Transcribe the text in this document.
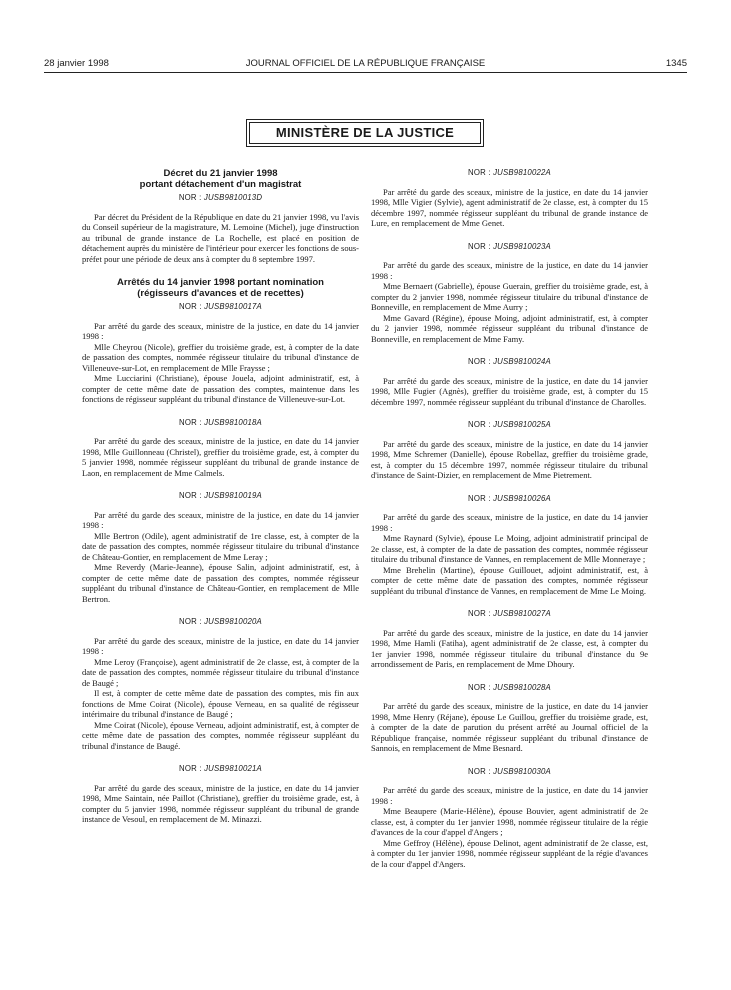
28 janvier 1998	JOURNAL OFFICIEL DE LA RÉPUBLIQUE FRANÇAISE	1345
MINISTÈRE DE LA JUSTICE
Décret du 21 janvier 1998
portant détachement d'un magistrat
NOR : JUSB9810013D

Par décret du Président de la République en date du 21 janvier 1998, vu l'avis du Conseil supérieur de la magistrature, M. Lemoine (Michel), juge d'instruction au tribunal de grande instance de La Rochelle, est placé en position de détachement auprès du ministère de l'intérieur pour exercer les fonctions de sous-préfet pour une période de deux ans à compter du 8 septembre 1997.

Arrêtés du 14 janvier 1998 portant nomination
(régisseurs d'avances et de recettes)
NOR : JUSB9810017A

Par arrêté du garde des sceaux, ministre de la justice, en date du 14 janvier 1998 :

Mlle Cheyrou (Nicole), greffier du troisième grade, est, à compter de la date de passation des comptes, nommée régisseur titulaire du tribunal d'instance de Villeneuve-sur-Lot, en remplacement de Mlle Fraysse ;

Mme Lucciarini (Christiane), épouse Jouela, adjoint administratif, est, à compter de cette même date de passation des comptes, maintenue dans les fonctions de régisseur suppléant du tribunal d'instance de Villeneuve-sur-Lot.

NOR : JUSB9810018A

Par arrêté du garde des sceaux, ministre de la justice, en date du 14 janvier 1998, Mlle Guillonneau (Christel), greffier du troisième grade, est, à compter du 5 janvier 1998, nommée régisseur suppléant du tribunal de grande instance de Laon, en remplacement de Mme Calmels.

NOR : JUSB9810019A

Par arrêté du garde des sceaux, ministre de la justice, en date du 14 janvier 1998 :

Mlle Bertron (Odile), agent administratif de 1re classe, est, à compter de la date de passation des comptes, nommée régisseur titulaire du tribunal d'instance de Château-Gontier, en remplacement de Mme Leray ;

Mme Reverdy (Marie-Jeanne), épouse Salin, adjoint administratif, est, à compter de cette même date de passation des comptes, nommée régisseur suppléant du tribunal d'instance de Château-Gontier, en remplacement de Mlle Bertron.

NOR : JUSB9810020A

Par arrêté du garde des sceaux, ministre de la justice, en date du 14 janvier 1998 :

Mme Leroy (Françoise), agent administratif de 2e classe, est, à compter de la date de passation des comptes, nommée régisseur titulaire du tribunal d'instance de Baugé ;

Il est, à compter de cette même date de passation des comptes, mis fin aux fonctions de Mme Coirat (Nicole), épouse Verneau, en sa qualité de régisseur intérimaire du tribunal d'instance de Baugé ;

Mme Coirat (Nicole), épouse Verneau, adjoint administratif, est, à compter de cette même date de passation des comptes, nommée régisseur suppléant du tribunal d'instance de Baugé.

NOR : JUSB9810021A

Par arrêté du garde des sceaux, ministre de la justice, en date du 14 janvier 1998, Mme Saintain, née Paillot (Christiane), greffier du troisième grade, est, à compter du 5 janvier 1998, nommée régisseur suppléant du tribunal de grande instance de Vesoul, en remplacement de M. Minazzi.

NOR : JUSB9810022A

Par arrêté du garde des sceaux, ministre de la justice, en date du 14 janvier 1998, Mlle Vigier (Sylvie), agent administratif de 2e classe, est, à compter du 15 décembre 1997, nommée régisseur suppléant du tribunal de grande instance de Lure, en remplacement de Mme Genet.

NOR : JUSB9810023A

Par arrêté du garde des sceaux, ministre de la justice, en date du 14 janvier 1998 :

Mme Bernaert (Gabrielle), épouse Guerain, greffier du troisième grade, est, à compter du 2 janvier 1998, nommée régisseur titulaire du tribunal d'instance de Bonneville, en remplacement de Mme Aurry ;

Mme Gavard (Régine), épouse Moing, adjoint administratif, est, à compter du 2 janvier 1998, nommée régisseur suppléant du tribunal d'instance de Bonneville, en remplacement de Mme Famy.

NOR : JUSB9810024A

Par arrêté du garde des sceaux, ministre de la justice, en date du 14 janvier 1998, Mlle Fugier (Agnès), greffier du troisième grade, est, à compter du 15 décembre 1997, nommée régisseur suppléant du tribunal d'instance de Charolles.

NOR : JUSB9810025A

Par arrêté du garde des sceaux, ministre de la justice, en date du 14 janvier 1998, Mme Schremer (Danielle), épouse Robellaz, greffier du troisième grade, est, à compter du 15 décembre 1997, nommée régisseur titulaire du tribunal d'instance de Saint-Dizier, en remplacement de Mme Pietrement.

NOR : JUSB9810026A

Par arrêté du garde des sceaux, ministre de la justice, en date du 14 janvier 1998 :

Mme Raynard (Sylvie), épouse Le Moing, adjoint administratif principal de 2e classe, est, à compter de la date de passation des comptes, nommée régisseur titulaire du tribunal d'instance de Vannes, en remplacement de Mlle Monneraye ;

Mme Brehelin (Martine), épouse Guillouet, adjoint administratif, est, à compter de cette même date de passation des comptes, nommée régisseur suppléant du tribunal d'instance de Vannes, en remplacement de Mme Le Moing.

NOR : JUSB9810027A

Par arrêté du garde des sceaux, ministre de la justice, en date du 14 janvier 1998, Mme Hamli (Fatiha), agent administratif de 2e classe, est, à compter du 1er janvier 1998, nommée régisseur titulaire du tribunal d'instance du 9e arrondissement de Paris, en remplacement de Mme Dhoury.

NOR : JUSB9810028A

Par arrêté du garde des sceaux, ministre de la justice, en date du 14 janvier 1998, Mme Henry (Réjane), épouse Le Guillou, greffier du troisième grade, est, à compter de la date de parution du présent arrêté au Journal officiel de la République française, nommée régisseur suppléant du tribunal d'instance de Sannois, en remplacement de Mme Besnard.

NOR : JUSB9810030A

Par arrêté du garde des sceaux, ministre de la justice, en date du 14 janvier 1998 :

Mme Beaupere (Marie-Hélène), épouse Bouvier, agent administratif de 2e classe, est, à compter du 1er janvier 1998, nommée régisseur titulaire de la régie d'avances de la cour d'appel d'Angers ;

Mme Geffroy (Hélène), épouse Delinot, agent administratif de 2e classe, est, à compter du 1er janvier 1998, nommée régisseur suppléant de la régie d'avances de la cour d'appel d'Angers.
